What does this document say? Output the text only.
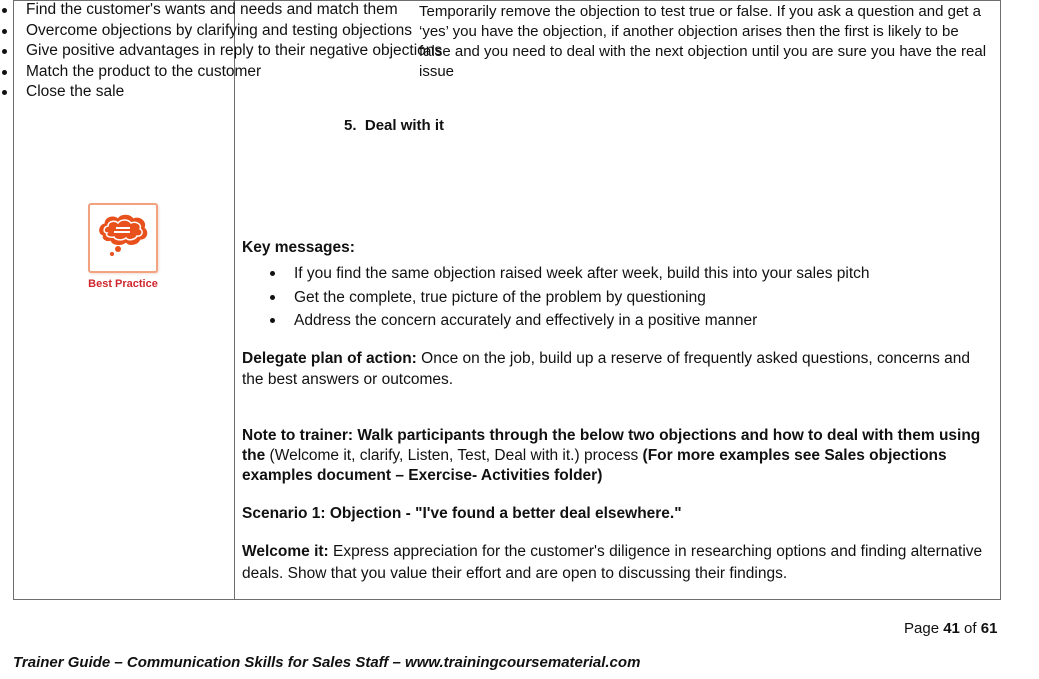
Best Practice
Temporarily remove the objection to test true or false. If you ask a question and get a ‘yes’ you have the objection, if another objection arises then the first is likely to be false and you need to deal with the next objection until you are sure you have the real issue
5. Deal with it
Find the customer's wants and needs and match them
Overcome objections by clarifying and testing objections
Give positive advantages in reply to their negative objections
Match the product to the customer
Close the sale
Key messages:
If you find the same objection raised week after week, build this into your sales pitch
Get the complete, true picture of the problem by questioning
Address the concern accurately and effectively in a positive manner
Delegate plan of action: Once on the job, build up a reserve of frequently asked questions, concerns and the best answers or outcomes.
Note to trainer: Walk participants through the below two objections and how to deal with them using the (Welcome it, clarify, Listen, Test, Deal with it.) process (For more examples see Sales objections examples document – Exercise- Activities folder)
Scenario 1: Objection - "I've found a better deal elsewhere."
Welcome it: Express appreciation for the customer's diligence in researching options and finding alternative deals. Show that you value their effort and are open to discussing their findings.
Page 41 of 61
Trainer Guide – Communication Skills for Sales Staff – www.trainingcoursematerial.com
